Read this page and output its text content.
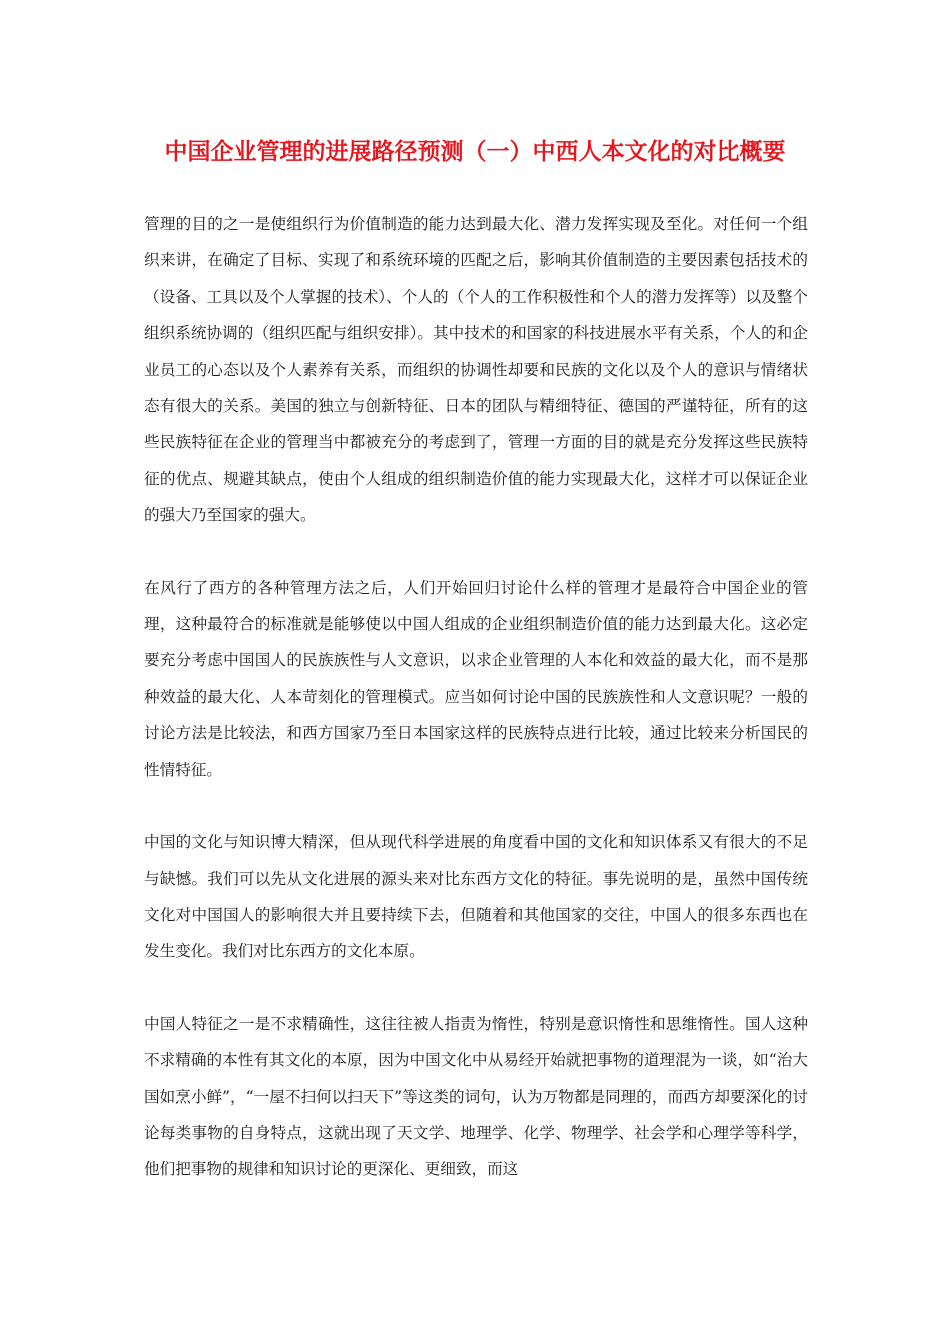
中国企业管理的进展路径预测（一）中西人本文化的对比概要

管理的目的之一是使组织行为价值制造的能力达到最大化、潜力发挥实现及至化。对任何一个组织来讲，在确定了目标、实现了和系统环境的匹配之后，影响其价值制造的主要因素包括技术的（设备、工具以及个人掌握的技术）、个人的（个人的工作积极性和个人的潜力发挥等）以及整个组织系统协调的（组织匹配与组织安排）。其中技术的和国家的科技进展水平有关系，个人的和企业员工的心态以及个人素养有关系，而组织的协调性却要和民族的文化以及个人的意识与情绪状态有很大的关系。美国的独立与创新特征、日本的团队与精细特征、德国的严谨特征，所有的这些民族特征在企业的管理当中都被充分的考虑到了，管理一方面的目的就是充分发挥这些民族特征的优点、规避其缺点，使由个人组成的组织制造价值的能力实现最大化，这样才可以保证企业的强大乃至国家的强大。

在风行了西方的各种管理方法之后，人们开始回归讨论什么样的管理才是最符合中国企业的管理，这种最符合的标准就是能够使以中国人组成的企业组织制造价值的能力达到最大化。这必定要充分考虑中国国人的民族族性与人文意识，以求企业管理的人本化和效益的最大化，而不是那种效益的最大化、人本苛刻化的管理模式。应当如何讨论中国的民族族性和人文意识呢？一般的讨论方法是比较法，和西方国家乃至日本国家这样的民族特点进行比较，通过比较来分析国民的性情特征。

中国的文化与知识博大精深，但从现代科学进展的角度看中国的文化和知识体系又有很大的不足与缺憾。我们可以先从文化进展的源头来对比东西方文化的特征。事先说明的是，虽然中国传统文化对中国国人的影响很大并且要持续下去，但随着和其他国家的交往，中国人的很多东西也在发生变化。我们对比东西方的文化本原。

中国人特征之一是不求精确性，这往往被人指责为惰性，特别是意识惰性和思维惰性。国人这种不求精确的本性有其文化的本原，因为中国文化中从易经开始就把事物的道理混为一谈，如“治大国如烹小鲜”，“一屋不扫何以扫天下”等这类的词句，认为万物都是同理的，而西方却要深化的讨论每类事物的自身特点，这就出现了天文学、地理学、化学、物理学、社会学和心理学等科学，他们把事物的规律和知识讨论的更深化、更细致，而这
